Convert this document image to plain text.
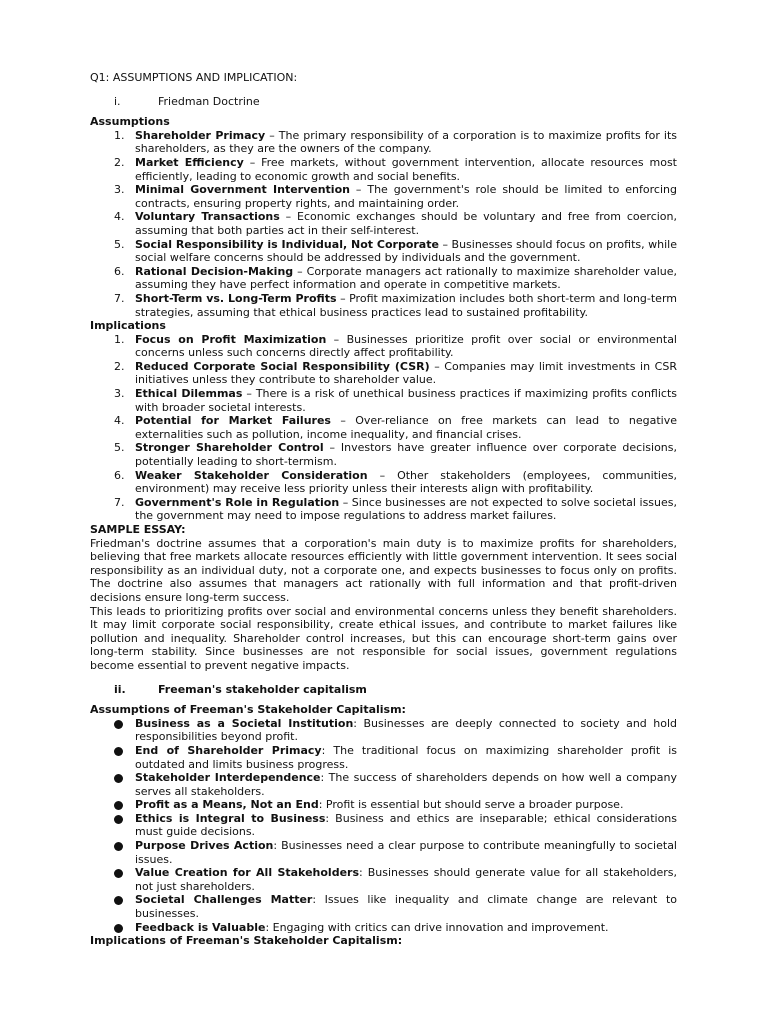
Q1: ASSUMPTIONS AND IMPLICATION:
i.	Friedman Doctrine
Assumptions
1. Shareholder Primacy – The primary responsibility of a corporation is to maximize profits for its shareholders, as they are the owners of the company.
2. Market Efficiency – Free markets, without government intervention, allocate resources most efficiently, leading to economic growth and social benefits.
3. Minimal Government Intervention – The government's role should be limited to enforcing contracts, ensuring property rights, and maintaining order.
4. Voluntary Transactions – Economic exchanges should be voluntary and free from coercion, assuming that both parties act in their self-interest.
5. Social Responsibility is Individual, Not Corporate – Businesses should focus on profits, while social welfare concerns should be addressed by individuals and the government.
6. Rational Decision-Making – Corporate managers act rationally to maximize shareholder value, assuming they have perfect information and operate in competitive markets.
7. Short-Term vs. Long-Term Profits – Profit maximization includes both short-term and long-term strategies, assuming that ethical business practices lead to sustained profitability.
Implications
1. Focus on Profit Maximization – Businesses prioritize profit over social or environmental concerns unless such concerns directly affect profitability.
2. Reduced Corporate Social Responsibility (CSR) – Companies may limit investments in CSR initiatives unless they contribute to shareholder value.
3. Ethical Dilemmas – There is a risk of unethical business practices if maximizing profits conflicts with broader societal interests.
4. Potential for Market Failures – Over-reliance on free markets can lead to negative externalities such as pollution, income inequality, and financial crises.
5. Stronger Shareholder Control – Investors have greater influence over corporate decisions, potentially leading to short-termism.
6. Weaker Stakeholder Consideration – Other stakeholders (employees, communities, environment) may receive less priority unless their interests align with profitability.
7. Government's Role in Regulation – Since businesses are not expected to solve societal issues, the government may need to impose regulations to address market failures.
SAMPLE ESSAY:

Friedman's doctrine assumes that a corporation's main duty is to maximize profits for shareholders, believing that free markets allocate resources efficiently with little government intervention. It sees social responsibility as an individual duty, not a corporate one, and expects businesses to focus only on profits. The doctrine also assumes that managers act rationally with full information and that profit-driven decisions ensure long-term success.

This leads to prioritizing profits over social and environmental concerns unless they benefit shareholders. It may limit corporate social responsibility, create ethical issues, and contribute to market failures like pollution and inequality. Shareholder control increases, but this can encourage short-term gains over long-term stability. Since businesses are not responsible for social issues, government regulations become essential to prevent negative impacts.

ii.	Freeman's stakeholder capitalism
Assumptions of Freeman's Stakeholder Capitalism:
Business as a Societal Institution: Businesses are deeply connected to society and hold responsibilities beyond profit.
End of Shareholder Primacy: The traditional focus on maximizing shareholder profit is outdated and limits business progress.
Stakeholder Interdependence: The success of shareholders depends on how well a company serves all stakeholders.
Profit as a Means, Not an End: Profit is essential but should serve a broader purpose.
Ethics is Integral to Business: Business and ethics are inseparable; ethical considerations must guide decisions.
Purpose Drives Action: Businesses need a clear purpose to contribute meaningfully to societal issues.
Value Creation for All Stakeholders: Businesses should generate value for all stakeholders, not just shareholders.
Societal Challenges Matter: Issues like inequality and climate change are relevant to businesses.
Feedback is Valuable: Engaging with critics can drive innovation and improvement.
Implications of Freeman's Stakeholder Capitalism:
